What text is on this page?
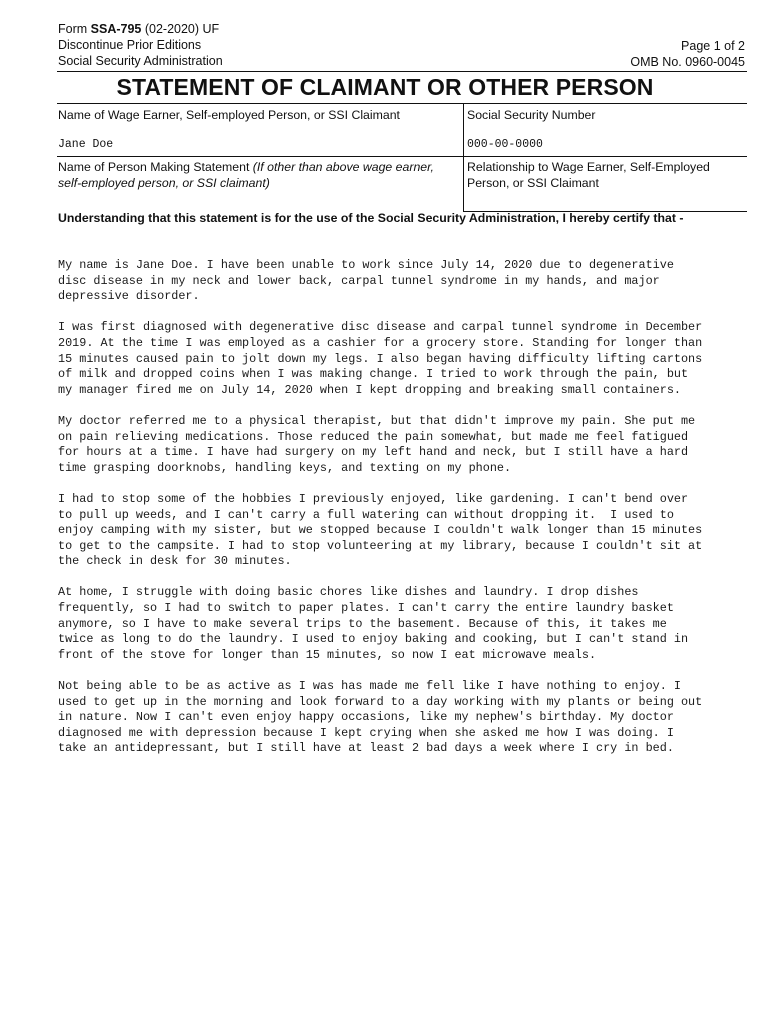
Form SSA-795 (02-2020) UF
Discontinue Prior Editions
Social Security Administration
Page 1 of 2
OMB No. 0960-0045
STATEMENT OF CLAIMANT OR OTHER PERSON
Name of Wage Earner, Self-employed Person, or SSI Claimant
Jane Doe
Social Security Number
000-00-0000
Name of Person Making Statement (If other than above wage earner, self-employed person, or SSI claimant)
Relationship to Wage Earner, Self-Employed Person, or SSI Claimant
Understanding that this statement is for the use of the Social Security Administration, I hereby certify that -

My name is Jane Doe. I have been unable to work since July 14, 2020 due to degenerative
disc disease in my neck and lower back, carpal tunnel syndrome in my hands, and major
depressive disorder.

I was first diagnosed with degenerative disc disease and carpal tunnel syndrome in December
2019. At the time I was employed as a cashier for a grocery store. Standing for longer than
15 minutes caused pain to jolt down my legs. I also began having difficulty lifting cartons
of milk and dropped coins when I was making change. I tried to work through the pain, but
my manager fired me on July 14, 2020 when I kept dropping and breaking small containers.

My doctor referred me to a physical therapist, but that didn't improve my pain. She put me
on pain relieving medications. Those reduced the pain somewhat, but made me feel fatigued
for hours at a time. I have had surgery on my left hand and neck, but I still have a hard
time grasping doorknobs, handling keys, and texting on my phone.

I had to stop some of the hobbies I previously enjoyed, like gardening. I can't bend over
to pull up weeds, and I can't carry a full watering can without dropping it.  I used to
enjoy camping with my sister, but we stopped because I couldn't walk longer than 15 minutes
to get to the campsite. I had to stop volunteering at my library, because I couldn't sit at
the check in desk for 30 minutes.

At home, I struggle with doing basic chores like dishes and laundry. I drop dishes
frequently, so I had to switch to paper plates. I can't carry the entire laundry basket
anymore, so I have to make several trips to the basement. Because of this, it takes me
twice as long to do the laundry. I used to enjoy baking and cooking, but I can't stand in
front of the stove for longer than 15 minutes, so now I eat microwave meals.

Not being able to be as active as I was has made me fell like I have nothing to enjoy. I
used to get up in the morning and look forward to a day working with my plants or being out
in nature. Now I can't even enjoy happy occasions, like my nephew's birthday. My doctor
diagnosed me with depression because I kept crying when she asked me how I was doing. I
take an antidepressant, but I still have at least 2 bad days a week where I cry in bed.
